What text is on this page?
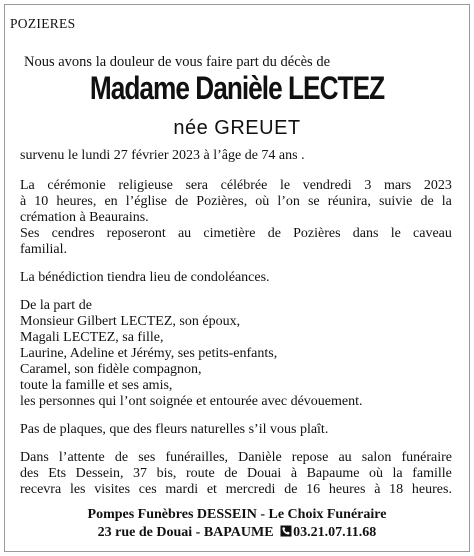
POZIERES
Nous avons la douleur de vous faire part du décès de
Madame Danièle LECTEZ
née GREUET
survenu le lundi 27 février 2023 à l’âge de 74 ans .
La cérémonie religieuse sera célébrée le vendredi 3 mars 2023
à 10 heures, en l’église de Pozières, où l’on se réunira, suivie de la
crémation à Beaurains.
Ses cendres reposeront au cimetière de Pozières dans le caveau
familial.
La bénédiction tiendra lieu de condoléances.
De la part de
Monsieur Gilbert LECTEZ, son époux,
Magali LECTEZ, sa fille,
Laurine, Adeline et Jérémy, ses petits-enfants,
Caramel, son fidèle compagnon,
toute la famille et ses amis,
les personnes qui l’ont soignée et entourée avec dévouement.
Pas de plaques, que des fleurs naturelles s’il vous plaît.
Dans l’attente de ses funérailles, Danièle repose au salon funéraire
des Ets Dessein, 37 bis, route de Douai à Bapaume où la famille
recevra les visites ces mardi et mercredi de 16 heures à 18 heures.
Pompes Funèbres DESSEIN - Le Choix Funéraire
23 rue de Douai - BAPAUME 03.21.07.11.68
